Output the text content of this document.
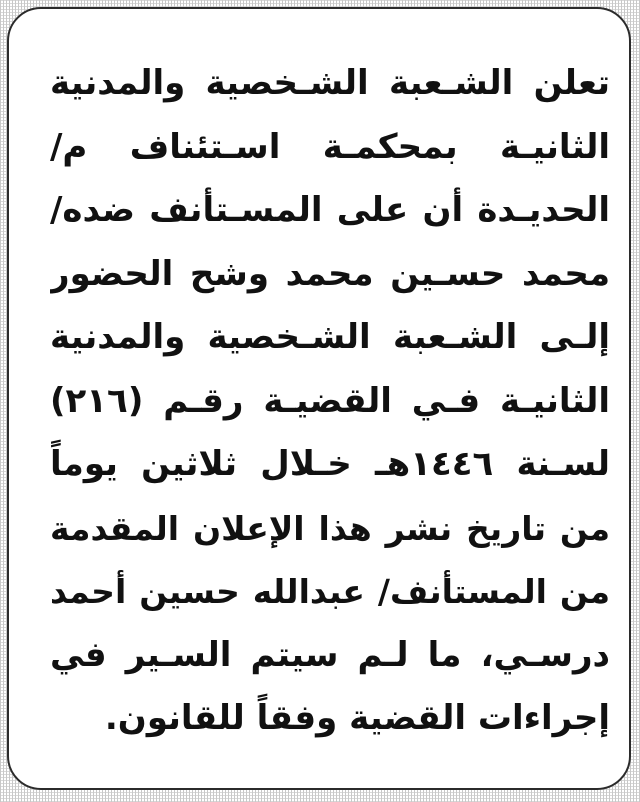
تعلن الشـعبة الشـخصية والمدنية
الثانيـة بمحكمـة اسـتئناف م/
الحديـدة أن على المسـتأنف ضده/
محمد حسـين محمد وشح الحضور
إلـى الشـعبة الشـخصية والمدنية
الثانيـة فـي القضيـة رقـم (٢١٦)
لسـنة ١٤٤٦هـ خـلال ثلاثين يوماً
من تاريخ نشر هذا الإعلان المقدمة
من المستأنف/ عبدالله حسين أحمد
درسـي، ما لـم سيتم السـير في
إجراءات القضية وفقاً للقانون.
